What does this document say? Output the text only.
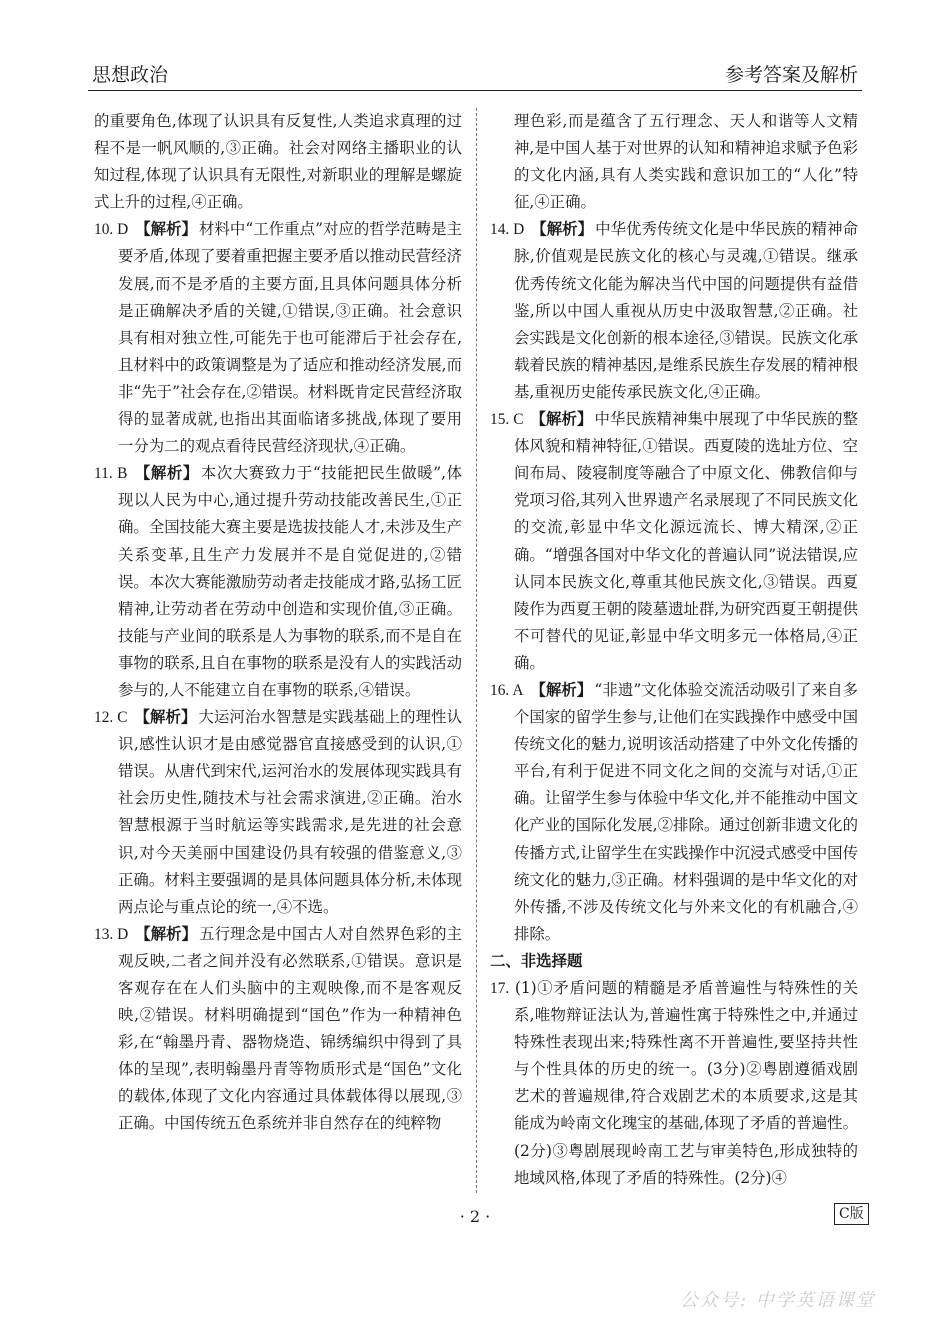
思想政治	参考答案及解析

的重要角色,体现了认识具有反复性,人类追求真理的过程不是一帆风顺的,③正确。社会对网络主播职业的认知过程,体现了认识具有无限性,对新职业的理解是螺旋式上升的过程,④正确。

10. D 【解析】 材料中“工作重点”对应的哲学范畴是主要矛盾,体现了要着重把握主要矛盾以推动民营经济发展,而不是矛盾的主要方面,且具体问题具体分析是正确解决矛盾的关键,①错误,③正确。社会意识具有相对独立性,可能先于也可能滞后于社会存在,且材料中的政策调整是为了适应和推动经济发展,而非“先于”社会存在,②错误。材料既肯定民营经济取得的显著成就,也指出其面临诸多挑战,体现了要用一分为二的观点看待民营经济现状,④正确。

11. B 【解析】 本次大赛致力于“技能把民生做暖”,体现以人民为中心,通过提升劳动技能改善民生,①正确。全国技能大赛主要是选拔技能人才,未涉及生产关系变革,且生产力发展并不是自觉促进的,②错误。本次大赛能激励劳动者走技能成才路,弘扬工匠精神,让劳动者在劳动中创造和实现价值,③正确。技能与产业间的联系是人为事物的联系,而不是自在事物的联系,且自在事物的联系是没有人的实践活动参与的,人不能建立自在事物的联系,④错误。

12. C 【解析】 大运河治水智慧是实践基础上的理性认识,感性认识才是由感觉器官直接感受到的认识,①错误。从唐代到宋代,运河治水的发展体现实践具有社会历史性,随技术与社会需求演进,②正确。治水智慧根源于当时航运等实践需求,是先进的社会意识,对今天美丽中国建设仍具有较强的借鉴意义,③正确。材料主要强调的是具体问题具体分析,未体现两点论与重点论的统一,④不选。

13. D 【解析】 五行理念是中国古人对自然界色彩的主观反映,二者之间并没有必然联系,①错误。意识是客观存在在人们头脑中的主观映像,而不是客观反映,②错误。材料明确提到“国色”作为一种精神色彩,在“翰墨丹青、器物烧造、锦绣编织中得到了具体的呈现”,表明翰墨丹青等物质形式是“国色”文化的载体,体现了文化内容通过具体载体得以展现,③正确。中国传统五色系统并非自然存在的纯粹物

理色彩,而是蕴含了五行理念、天人和谐等人文精神,是中国人基于对世界的认知和精神追求赋予色彩的文化内涵,具有人类实践和意识加工的“人化”特征,④正确。

14. D 【解析】 中华优秀传统文化是中华民族的精神命脉,价值观是民族文化的核心与灵魂,①错误。继承优秀传统文化能为解决当代中国的问题提供有益借鉴,所以中国人重视从历史中汲取智慧,②正确。社会实践是文化创新的根本途径,③错误。民族文化承载着民族的精神基因,是维系民族生存发展的精神根基,重视历史能传承民族文化,④正确。

15. C 【解析】 中华民族精神集中展现了中华民族的整体风貌和精神特征,①错误。西夏陵的选址方位、空间布局、陵寝制度等融合了中原文化、佛教信仰与党项习俗,其列入世界遗产名录展现了不同民族文化的交流,彰显中华文化源远流长、博大精深,②正确。“增强各国对中华文化的普遍认同”说法错误,应认同本民族文化,尊重其他民族文化,③错误。西夏陵作为西夏王朝的陵墓遗址群,为研究西夏王朝提供不可替代的见证,彰显中华文明多元一体格局,④正确。

16. A 【解析】 “非遗”文化体验交流活动吸引了来自多个国家的留学生参与,让他们在实践操作中感受中国传统文化的魅力,说明该活动搭建了中外文化传播的平台,有利于促进不同文化之间的交流与对话,①正确。让留学生参与体验中华文化,并不能推动中国文化产业的国际化发展,②排除。通过创新非遗文化的传播方式,让留学生在实践操作中沉浸式感受中国传统文化的魅力,③正确。材料强调的是中华文化的对外传播,不涉及传统文化与外来文化的有机融合,④排除。

二、非选择题

17. (1)①矛盾问题的精髓是矛盾普遍性与特殊性的关系,唯物辩证法认为,普遍性寓于特殊性之中,并通过特殊性表现出来;特殊性离不开普遍性,要坚持共性与个性具体的历史的统一。(3分)②粤剧遵循戏剧艺术的普遍规律,符合戏剧艺术的本质要求,这是其能成为岭南文化瑰宝的基础,体现了矛盾的普遍性。(2分)③粤剧展现岭南工艺与审美特色,形成独特的地域风格,体现了矛盾的特殊性。(2分)④

· 2 ·	C版
公众号: 中学英语课堂
